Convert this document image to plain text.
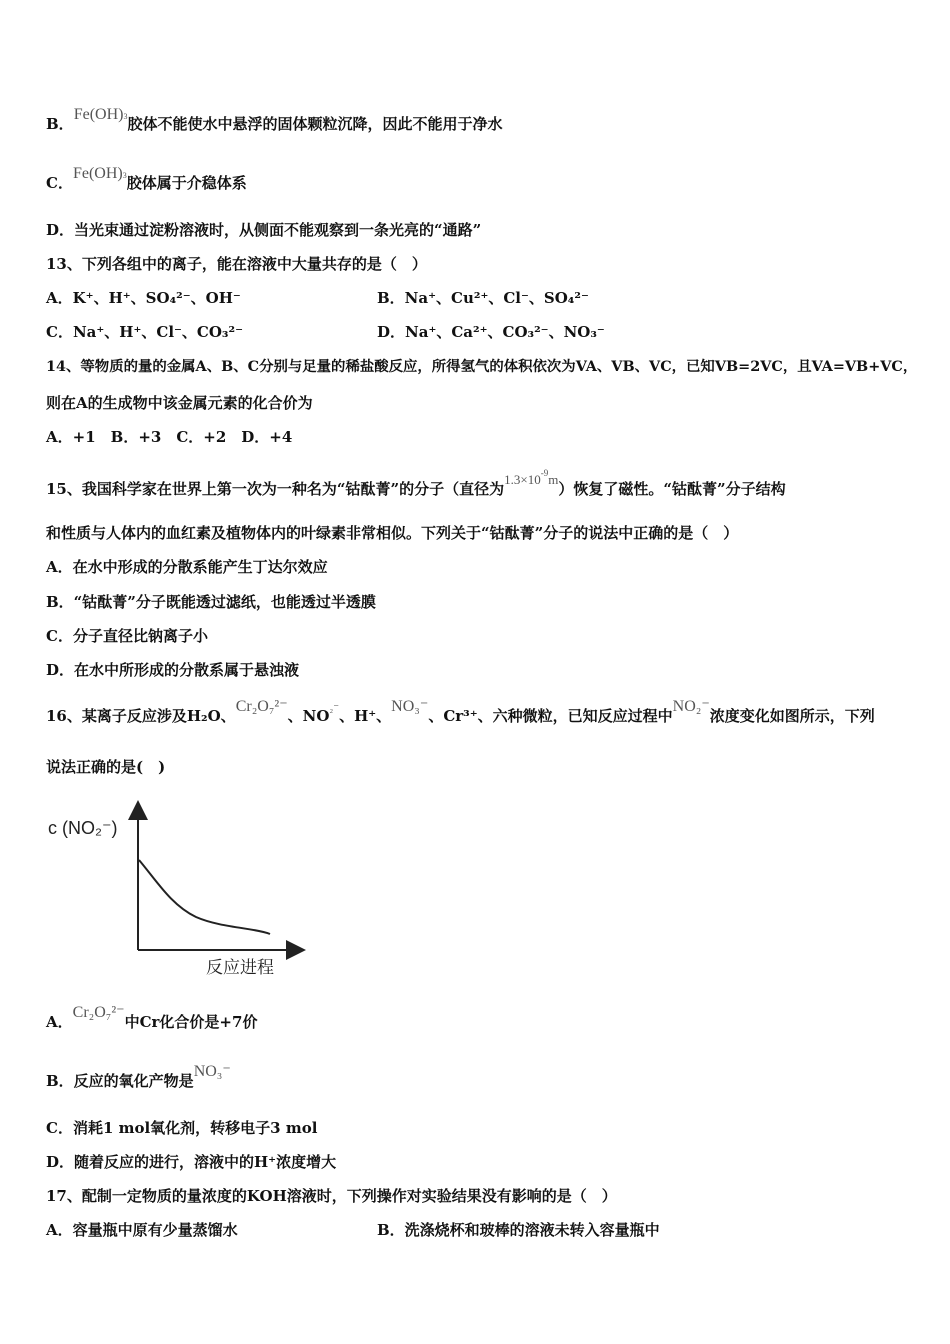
B．Fe(OH)3胶体不能使水中悬浮的固体颗粒沉降，因此不能用于净水
C．Fe(OH)3胶体属于介稳体系
D．当光束通过淀粉溶液时，从侧面不能观察到一条光亮的“通路”
13、下列各组中的离子，能在溶液中大量共存的是（　）
A．K⁺、H⁺、SO₄²⁻、OH⁻	B．Na⁺、Cu²⁺、Cl⁻、SO₄²⁻
C．Na⁺、H⁺、Cl⁻、CO₃²⁻	D．Na⁺、Ca²⁺、CO₃²⁻、NO₃⁻
14、等物质的量的金属A、B、C分别与足量的稀盐酸反应，所得氢气的体积依次为VA、VB、VC，已知VB=2VC，且VA=VB+VC，
则在A的生成物中该金属元素的化合价为
A．+1　B．+3　C．+2　D．+4
15、我国科学家在世界上第一次为一种名为“钴酞菁”的分子（直径为$1.3\times 10^{-9}m$）恢复了磁性。“钴酞菁”分子结构
和性质与人体内的血红素及植物体内的叶绿素非常相似。下列关于“钴酞菁”分子的说法中正确的是（　）
A．在水中形成的分散系能产生丁达尔效应
B．“钴酞菁”分子既能透过滤纸，也能透过半透膜
C．分子直径比钠离子小
D．在水中所形成的分散系属于悬浊液
16、某离子反应涉及H₂O、Cr₂O₇²⁻、$NO^{_2^-}$、H⁺、NO₃⁻、Cr³⁺、六种微粒，已知反应过程中NO₂⁻浓度变化如图所示，下列
说法正确的是(　)
c (NO₂⁻)
反应进程
A．Cr₂O₇²⁻中Cr化合价是+7价
B．反应的氧化产物是NO₃⁻
C．消耗1 mol氧化剂，转移电子3 mol
D．随着反应的进行，溶液中的H⁺浓度增大
17、配制一定物质的量浓度的KOH溶液时，下列操作对实验结果没有影响的是（　）
A．容量瓶中原有少量蒸馏水	B．洗涤烧杯和玻棒的溶液未转入容量瓶中
